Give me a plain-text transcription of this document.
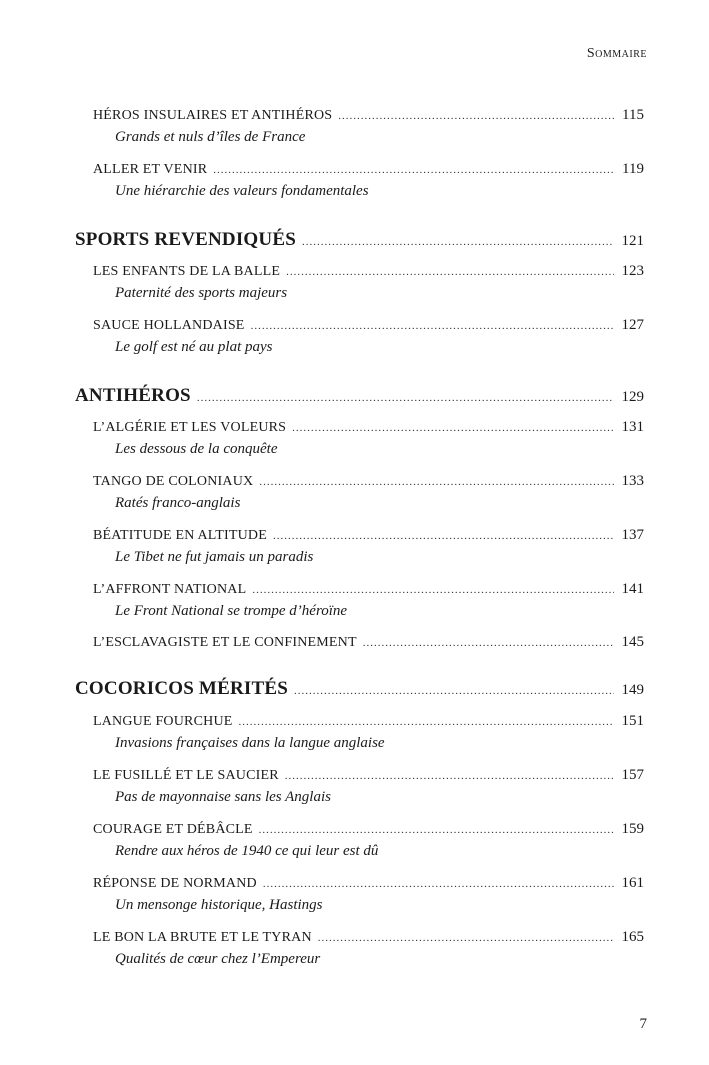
Sommaire
HÉROS INSULAIRES ET ANTIHÉROS .....	115
Grands et nuls d’îles de France
ALLER ET VENIR .....	119
Une hiérarchie des valeurs fondamentales
SPORTS REVENDIQUÉS .....	121
LES ENFANTS DE LA BALLE .....	123
Paternité des sports majeurs
SAUCE HOLLANDAISE .....	127
Le golf est né au plat pays
ANTIHÉROS .....	129
L’ALGÉRIE ET LES VOLEURS .....	131
Les dessous de la conquête
TANGO DE COLONIAUX .....	133
Ratés franco-anglais
BÉATITUDE EN ALTITUDE .....	137
Le Tibet ne fut jamais un paradis
L’AFFRONT NATIONAL .....	141
Le Front National se trompe d’héroïne
L’ESCLAVAGISTE ET LE CONFINEMENT .....	145
COCORICOS MÉRITÉS .....	149
LANGUE FOURCHUE .....	151
Invasions françaises dans la langue anglaise
LE FUSILLÉ ET LE SAUCIER .....	157
Pas de mayonnaise sans les Anglais
COURAGE ET DÉBÂCLE .....	159
Rendre aux héros de 1940 ce qui leur est dû
RÉPONSE DE NORMAND .....	161
Un mensonge historique, Hastings
LE BON LA BRUTE ET LE TYRAN .....	165
Qualités de cœur chez l’Empereur
7
